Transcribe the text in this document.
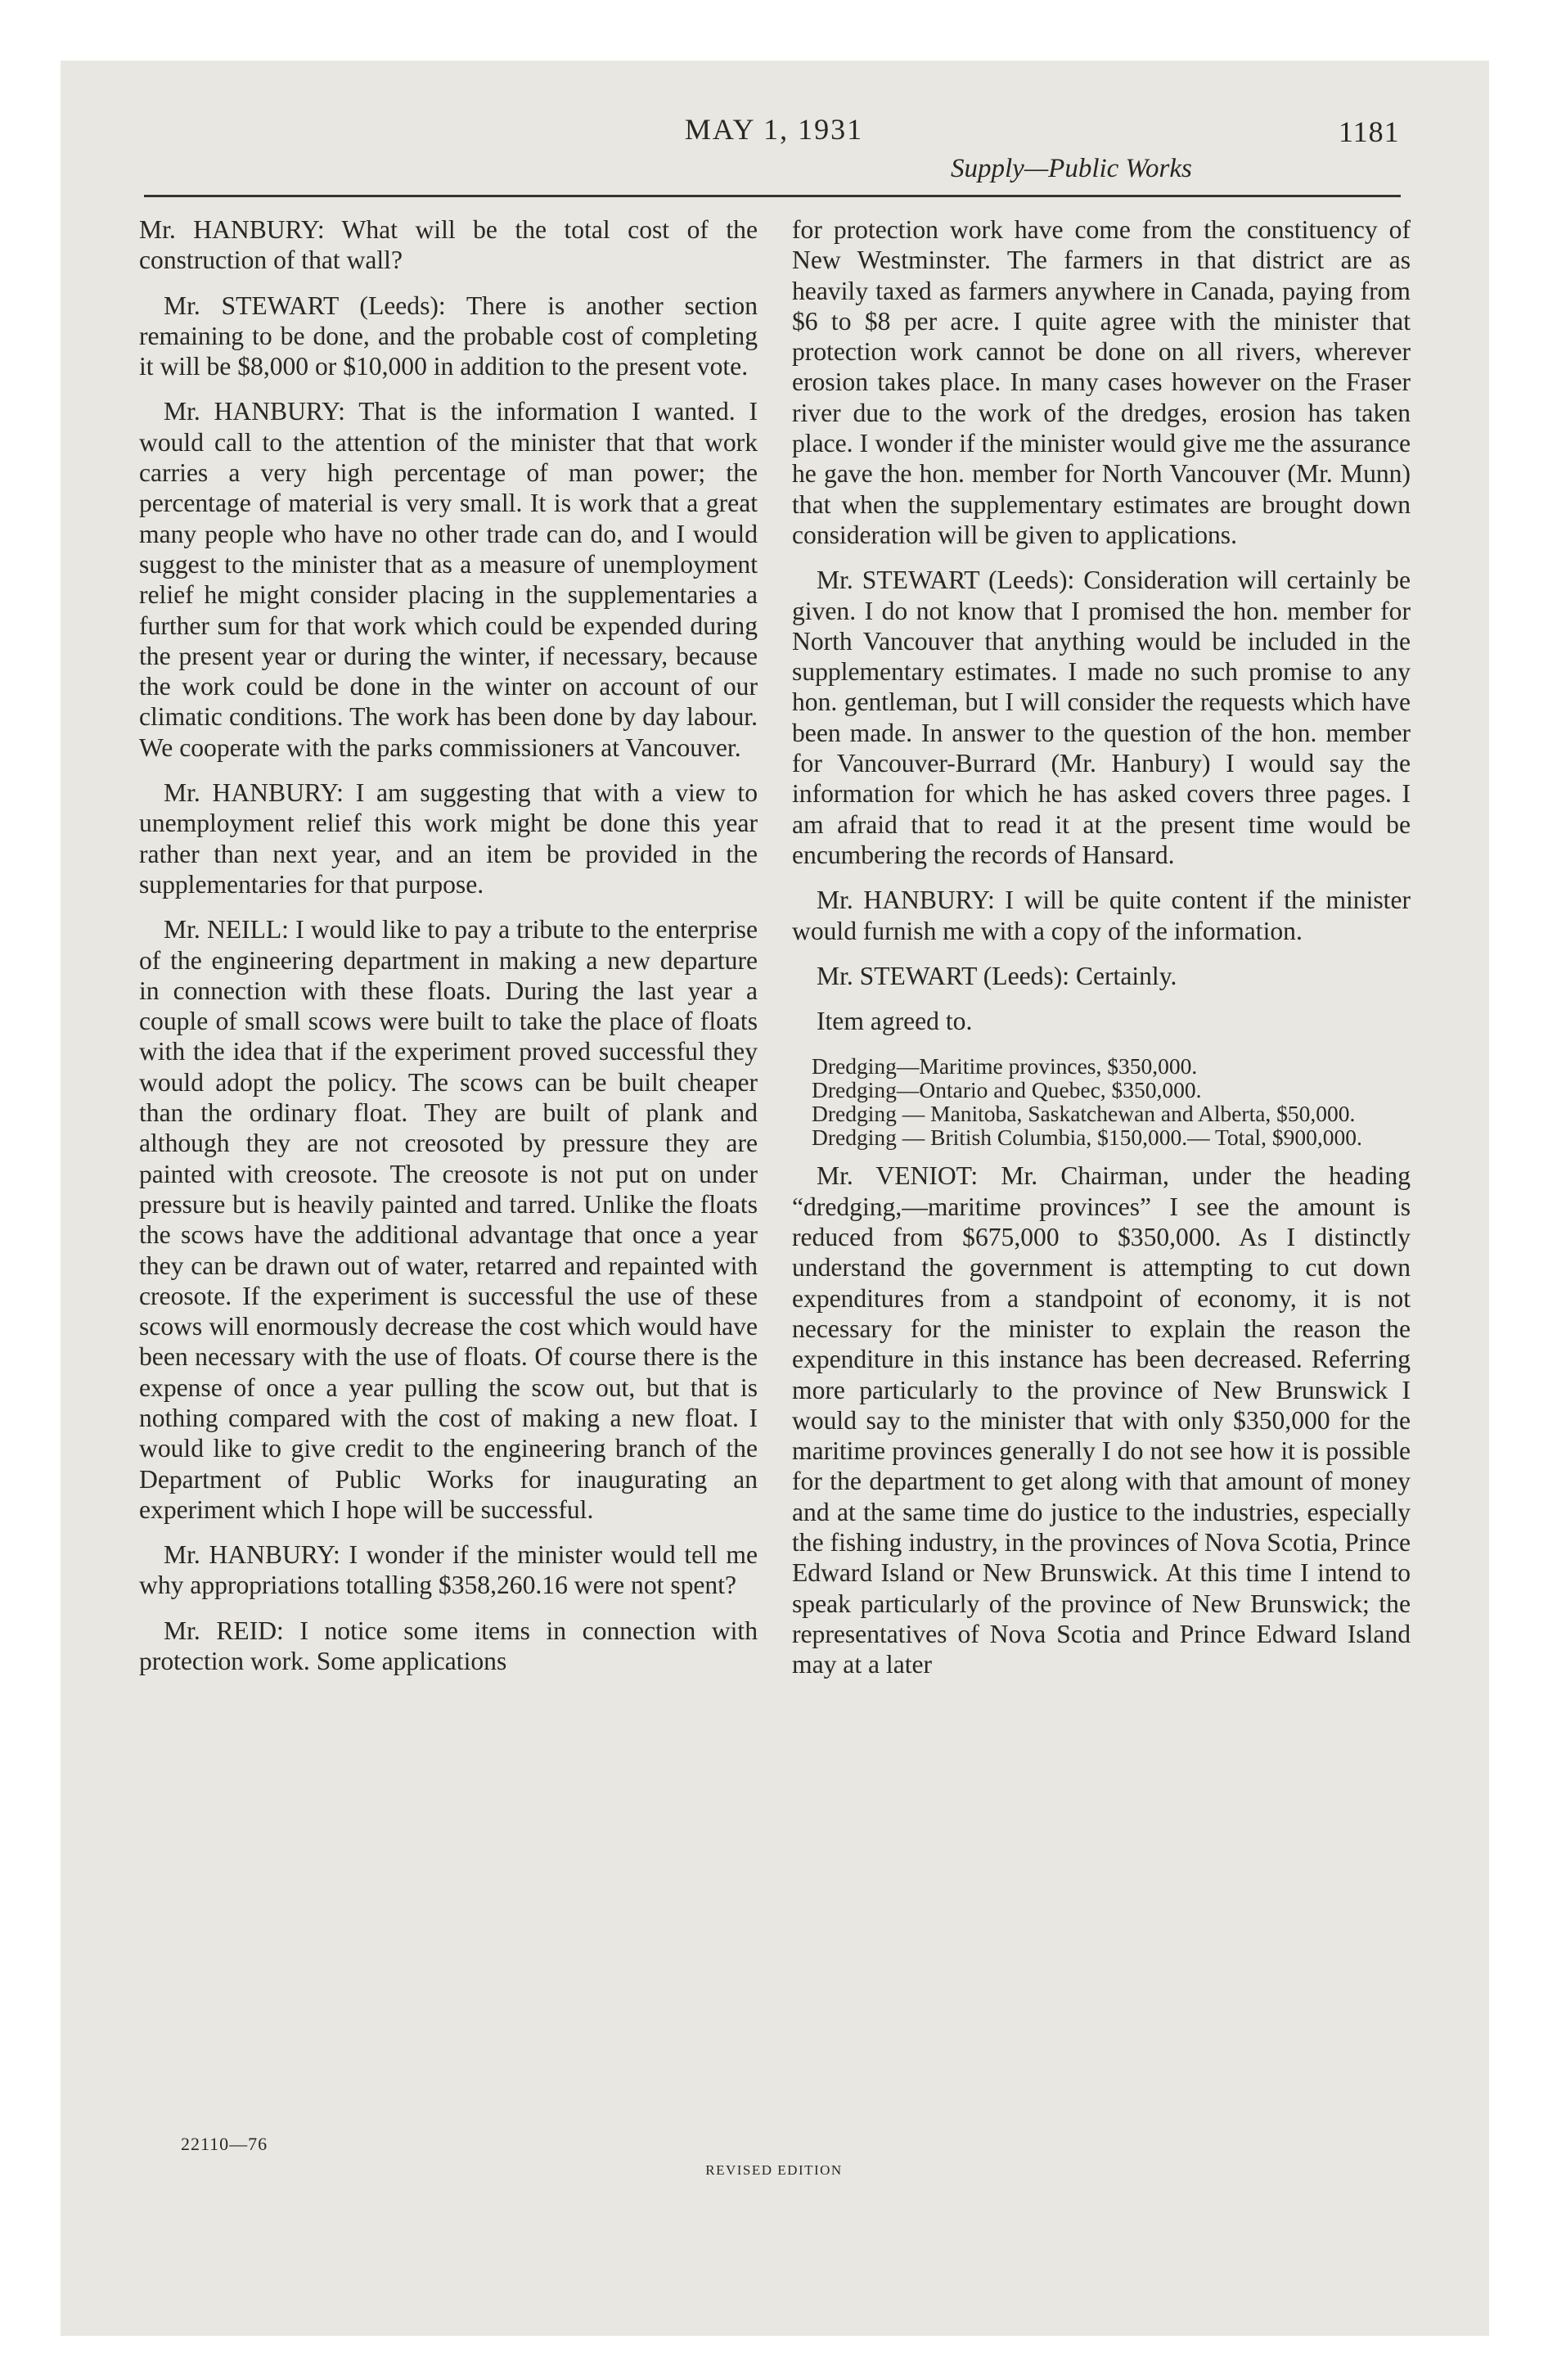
MAY 1, 1931	1181
Supply—Public Works

Mr. HANBURY: What will be the total cost of the construction of that wall?

Mr. STEWART (Leeds): There is another section remaining to be done, and the probable cost of completing it will be $8,000 or $10,000 in addition to the present vote.

Mr. HANBURY: That is the information I wanted. I would call to the attention of the minister that that work carries a very high percentage of man power; the percentage of material is very small. It is work that a great many people who have no other trade can do, and I would suggest to the minister that as a measure of unemployment relief he might consider placing in the supplementaries a further sum for that work which could be expended during the present year or during the winter, if necessary, because the work could be done in the winter on account of our climatic conditions. The work has been done by day labour. We cooperate with the parks commissioners at Vancouver.

Mr. HANBURY: I am suggesting that with a view to unemployment relief this work might be done this year rather than next year, and an item be provided in the supplementaries for that purpose.

Mr. NEILL: I would like to pay a tribute to the enterprise of the engineering department in making a new departure in connection with these floats. During the last year a couple of small scows were built to take the place of floats with the idea that if the experiment proved successful they would adopt the policy. The scows can be built cheaper than the ordinary float. They are built of plank and although they are not creosoted by pressure they are painted with creosote. The creosote is not put on under pressure but is heavily painted and tarred. Unlike the floats the scows have the additional advantage that once a year they can be drawn out of water, retarred and repainted with creosote. If the experiment is successful the use of these scows will enormously decrease the cost which would have been necessary with the use of floats. Of course there is the expense of once a year pulling the scow out, but that is nothing compared with the cost of making a new float. I would like to give credit to the engineering branch of the Department of Public Works for inaugurating an experiment which I hope will be successful.

Mr. HANBURY: I wonder if the minister would tell me why appropriations totalling $358,260.16 were not spent?

Mr. REID: I notice some items in connection with protection work. Some applications

for protection work have come from the constituency of New Westminster. The farmers in that district are as heavily taxed as farmers anywhere in Canada, paying from $6 to $8 per acre. I quite agree with the minister that protection work cannot be done on all rivers, wherever erosion takes place. In many cases however on the Fraser river due to the work of the dredges, erosion has taken place. I wonder if the minister would give me the assurance he gave the hon. member for North Vancouver (Mr. Munn) that when the supplementary estimates are brought down consideration will be given to applications.

Mr. STEWART (Leeds): Consideration will certainly be given. I do not know that I promised the hon. member for North Vancouver that anything would be included in the supplementary estimates. I made no such promise to any hon. gentleman, but I will consider the requests which have been made. In answer to the question of the hon. member for Vancouver-Burrard (Mr. Hanbury) I would say the information for which he has asked covers three pages. I am afraid that to read it at the present time would be encumbering the records of Hansard.

Mr. HANBURY: I will be quite content if the minister would furnish me with a copy of the information.

Mr. STEWART (Leeds): Certainly.

Item agreed to.

Dredging—Maritime provinces, $350,000.
Dredging—Ontario and Quebec, $350,000.
Dredging — Manitoba, Saskatchewan and Alberta, $50,000.
Dredging — British Columbia, $150,000.— Total, $900,000.

Mr. VENIOT: Mr. Chairman, under the heading “dredging,—maritime provinces” I see the amount is reduced from $675,000 to $350,000. As I distinctly understand the government is attempting to cut down expenditures from a standpoint of economy, it is not necessary for the minister to explain the reason the expenditure in this instance has been decreased. Referring more particularly to the province of New Brunswick I would say to the minister that with only $350,000 for the maritime provinces generally I do not see how it is possible for the department to get along with that amount of money and at the same time do justice to the industries, especially the fishing industry, in the provinces of Nova Scotia, Prince Edward Island or New Brunswick. At this time I intend to speak particularly of the province of New Brunswick; the representatives of Nova Scotia and Prince Edward Island may at a later

22110—76
REVISED EDITION
